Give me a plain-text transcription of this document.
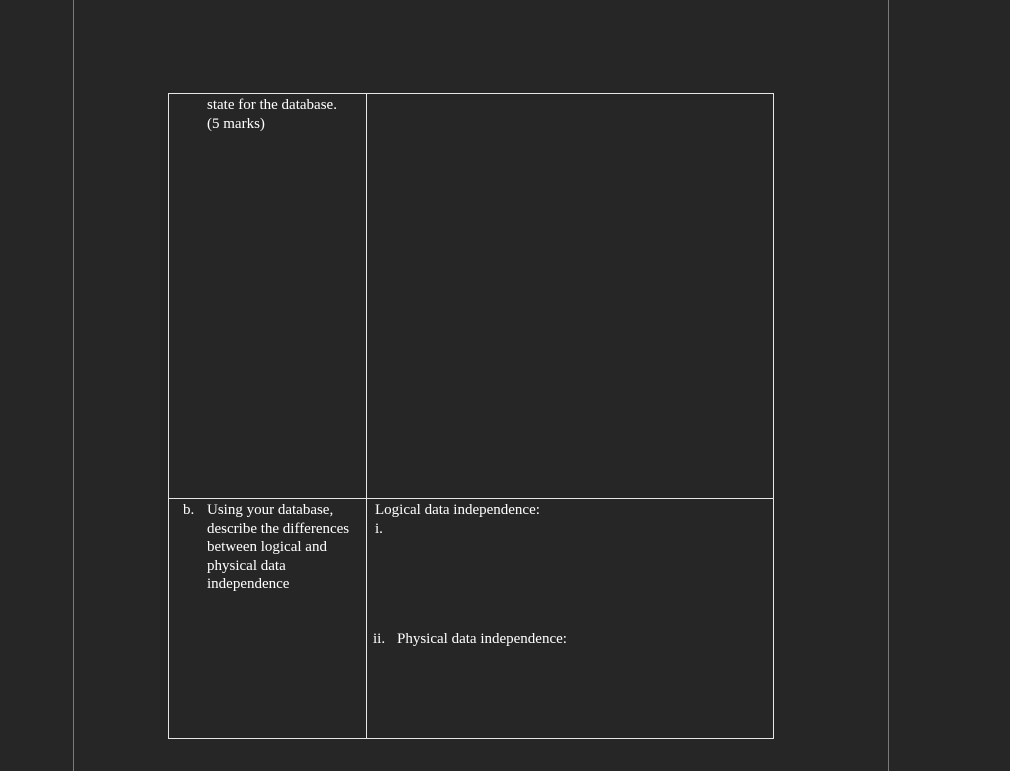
state for the database.
(5 marks)
b. Using your database,
describe the differences
between logical and
physical data
independence
Logical data independence:
i.
ii. Physical data independence:
